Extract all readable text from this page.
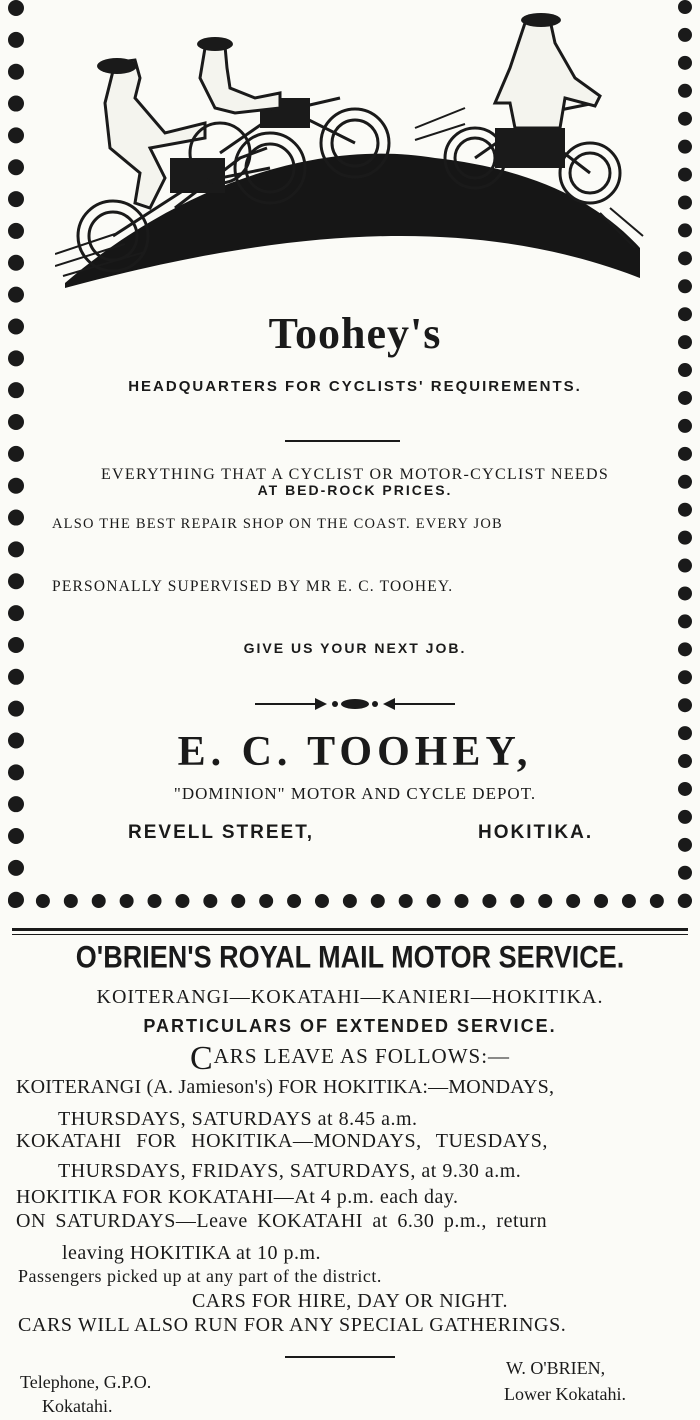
Toohey's
HEADQUARTERS FOR CYCLISTS' REQUIREMENTS.
EVERYTHING THAT A CYCLIST OR MOTOR-CYCLIST NEEDS
AT BED-ROCK PRICES.
ALSO THE BEST REPAIR SHOP ON THE COAST. EVERY JOB
PERSONALLY SUPERVISED BY MR E. C. TOOHEY.
GIVE US YOUR NEXT JOB.
E. C. TOOHEY,
"DOMINION" MOTOR AND CYCLE DEPOT.
REVELL STREET,	HOKITIKA.
O'BRIEN'S ROYAL MAIL MOTOR SERVICE.
KOITERANGI—KOKATAHI—KANIERI—HOKITIKA.
PARTICULARS OF EXTENDED SERVICE.
CARS LEAVE AS FOLLOWS:—
KOITERANGI (A. Jamieson's) FOR HOKITIKA:—MONDAYS,
THURSDAYS, SATURDAYS at 8.45 a.m.
KOKATAHI FOR HOKITIKA—MONDAYS, TUESDAYS,
THURSDAYS, FRIDAYS, SATURDAYS, at 9.30 a.m.
HOKITIKA FOR KOKATAHI—At 4 p.m. each day.
ON SATURDAYS—Leave KOKATAHI at 6.30 p.m., return
leaving HOKITIKA at 10 p.m.
Passengers picked up at any part of the district.
CARS FOR HIRE, DAY OR NIGHT.
CARS WILL ALSO RUN FOR ANY SPECIAL GATHERINGS.
Telephone, G.P.O.
Kokatahi.
W. O'BRIEN,
Lower Kokatahi.
